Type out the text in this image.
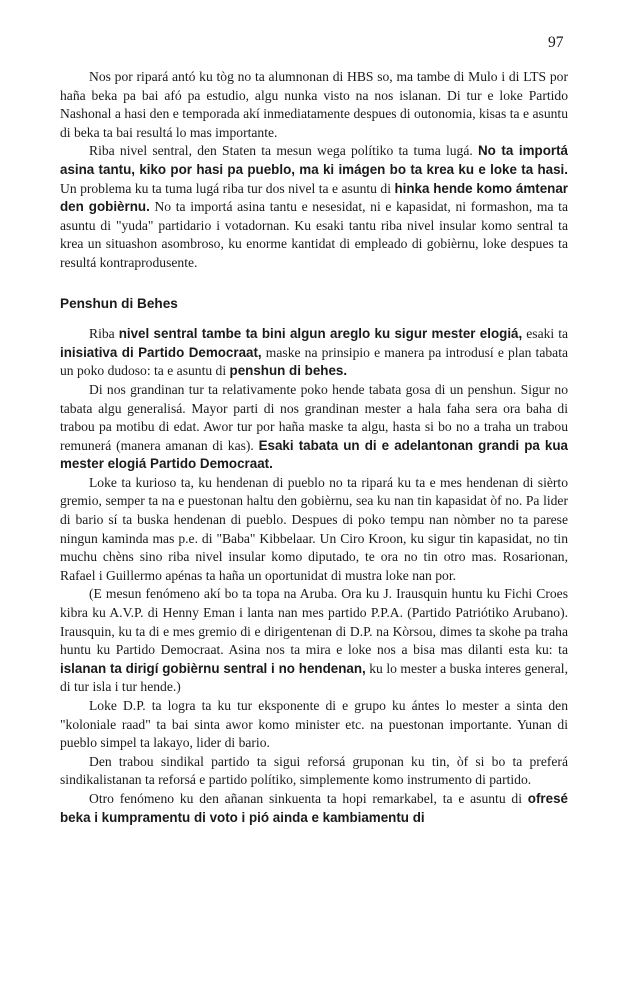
97

Nos por ripará antó ku tòg no ta alumnonan di HBS so, ma tambe di Mulo i di LTS por haña beka pa bai afó pa estudio, algu nunka visto na nos islanan. Di tur e loke Partido Nashonal a hasi den e temporada akí inmediatamente despues di outonomia, kisas ta e asuntu di beka ta bai resultá lo mas importante.

Riba nivel sentral, den Staten ta mesun wega polítiko ta tuma lugá. No ta importá asina tantu, kiko por hasi pa pueblo, ma ki imágen bo ta krea ku e loke ta hasi. Un problema ku ta tuma lugá riba tur dos nivel ta e asuntu di hinka hende komo ámtenar den gobièrnu. No ta importá asina tantu e nesesidat, ni e kapasidat, ni formashon, ma ta asuntu di "yuda" partidario i votadornan. Ku esaki tantu riba nivel insular komo sentral ta krea un situashon asombroso, ku enorme kantidat di empleado di gobièrnu, loke despues ta resultá kontraprodusente.

Penshun di Behes

Riba nivel sentral tambe ta bini algun areglo ku sigur mester elogiá, esaki ta inisiativa di Partido Democraat, maske na prinsipio e manera pa introdusí e plan tabata un poko dudoso: ta e asuntu di penshun di behes.

Di nos grandinan tur ta relativamente poko hende tabata gosa di un penshun. Sigur no tabata algu generalisá. Mayor parti di nos grandinan mester a hala faha sera ora baha di trabou pa motibu di edat. Awor tur por haña maske ta algu, hasta si bo no a traha un trabou remunerá (manera amanan di kas). Esaki tabata un di e adelantonan grandi pa kua mester elogiá Partido Democraat.

Loke ta kurioso ta, ku hendenan di pueblo no ta ripará ku ta e mes hendenan di sièrto gremio, semper ta na e puestonan haltu den gobièrnu, sea ku nan tin kapasidat òf no. Pa lider di bario sí ta buska hendenan di pueblo. Despues di poko tempu nan nòmber no ta parese ningun kaminda mas p.e. di "Baba" Kibbelaar. Un Ciro Kroon, ku sigur tin kapasidat, no tin muchu chèns sino riba nivel insular komo diputado, te ora no tin otro mas. Rosarionan, Rafael i Guillermo apénas ta haña un oportunidat di mustra loke nan por.

(E mesun fenómeno akí bo ta topa na Aruba. Ora ku J. Irausquin huntu ku Fichi Croes kibra ku A.V.P. di Henny Eman i lanta nan mes partido P.P.A. (Partido Patriótiko Arubano). Irausquin, ku ta di e mes gremio di e dirigentenan di D.P. na Kòrsou, dimes ta skohe pa traha huntu ku Partido Democraat. Asina nos ta mira e loke nos a bisa mas dilanti esta ku: ta islanan ta dirigí gobièrnu sentral i no hendenan, ku lo mester a buska interes general, di tur isla i tur hende.)

Loke D.P. ta logra ta ku tur eksponente di e grupo ku ántes lo mester a sinta den "koloniale raad" ta bai sinta awor komo minister etc. na puestonan importante. Yunan di pueblo simpel ta lakayo, lider di bario.

Den trabou sindikal partido ta sigui reforsá gruponan ku tin, òf si bo ta preferá sindikalistanan ta reforsá e partido polítiko, simplemente komo instrumento di partido.

Otro fenómeno ku den añanan sinkuenta ta hopi remarkabel, ta e asuntu di ofresé beka i kumpramentu di voto i pió ainda e kambiamentu di
